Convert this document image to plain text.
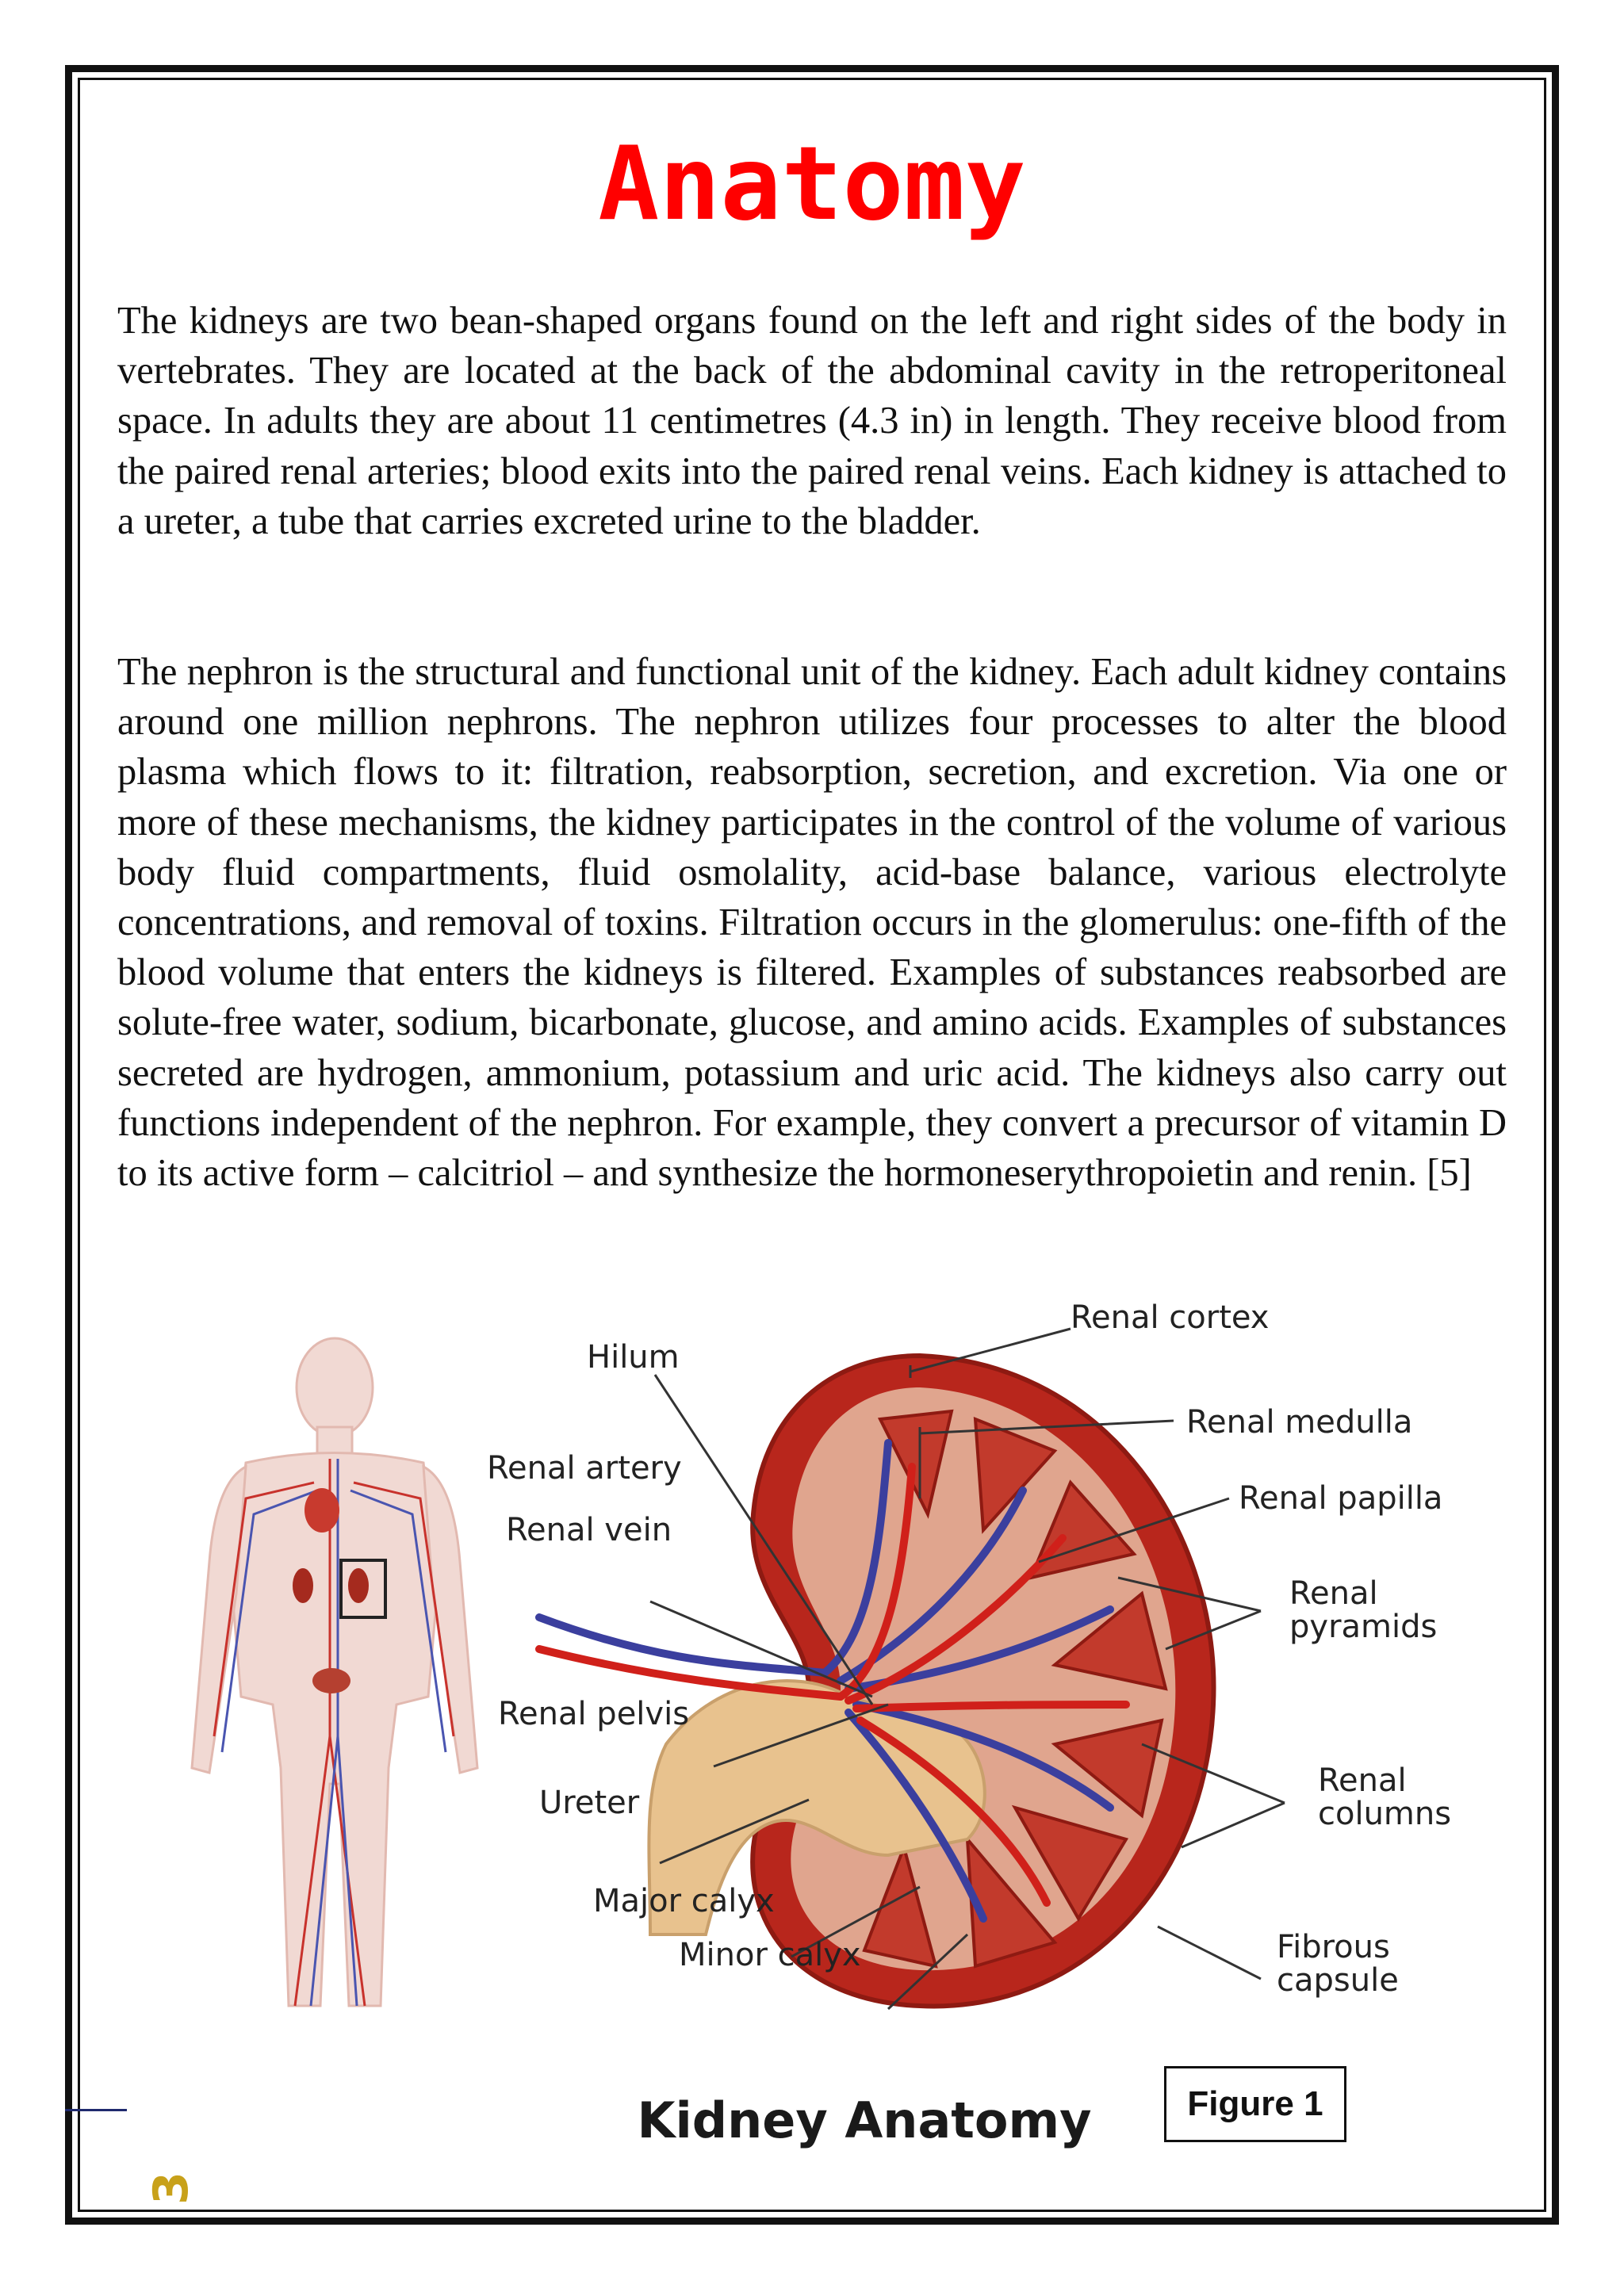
Anatomy

The kidneys are two bean-shaped organs found on the left and right sides of the body in vertebrates. They are located at the back of the abdominal cavity in the retroperitoneal space. In adults they are about 11 centimetres (4.3 in) in length. They receive blood from the paired renal arteries; blood exits into the paired renal veins. Each kidney is attached to a ureter, a tube that carries excreted urine to the bladder.

The nephron is the structural and functional unit of the kidney. Each adult kidney contains around one million nephrons. The nephron utilizes four processes to alter the blood plasma which flows to it: filtration, reabsorption, secretion, and excretion. Via one or more of these mechanisms, the kidney participates in the control of the volume of various body fluid compartments, fluid osmolality, acid-base balance, various electrolyte concentrations, and removal of toxins. Filtration occurs in the glomerulus: one-fifth of the blood volume that enters the kidneys is filtered. Examples of substances reabsorbed are solute-free water, sodium, bicarbonate, glucose, and amino acids. Examples of substances secreted are hydrogen, ammonium, potassium and uric acid. The kidneys also carry out functions independent of the nephron. For example, they convert a precursor of vitamin D to its active form – calcitriol – and synthesize the hormoneserythropoietin and renin. [5]

Renal cortex
Hilum
Renal medulla
Renal papilla
Renal artery
Renal vein
Renal
pyramids
Renal pelvis
Renal
columns
Ureter
Major calyx
Fibrous
capsule
Minor calyx
Kidney Anatomy	Figure 1
3
